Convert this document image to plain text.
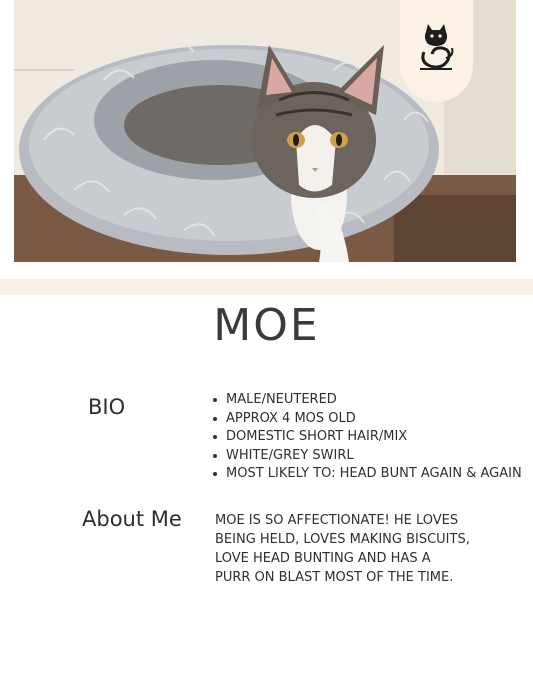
MOE
BIO	MALE/NEUTERED
APPROX 4 MOS OLD
DOMESTIC SHORT HAIR/MIX
WHITE/GREY SWIRL
MOST LIKELY TO: HEAD BUNT AGAIN & AGAIN
About Me	MOE IS SO AFFECTIONATE! HE LOVES BEING HELD, LOVES MAKING BISCUITS, LOVE HEAD BUNTING AND HAS A PURR ON BLAST MOST OF THE TIME.
